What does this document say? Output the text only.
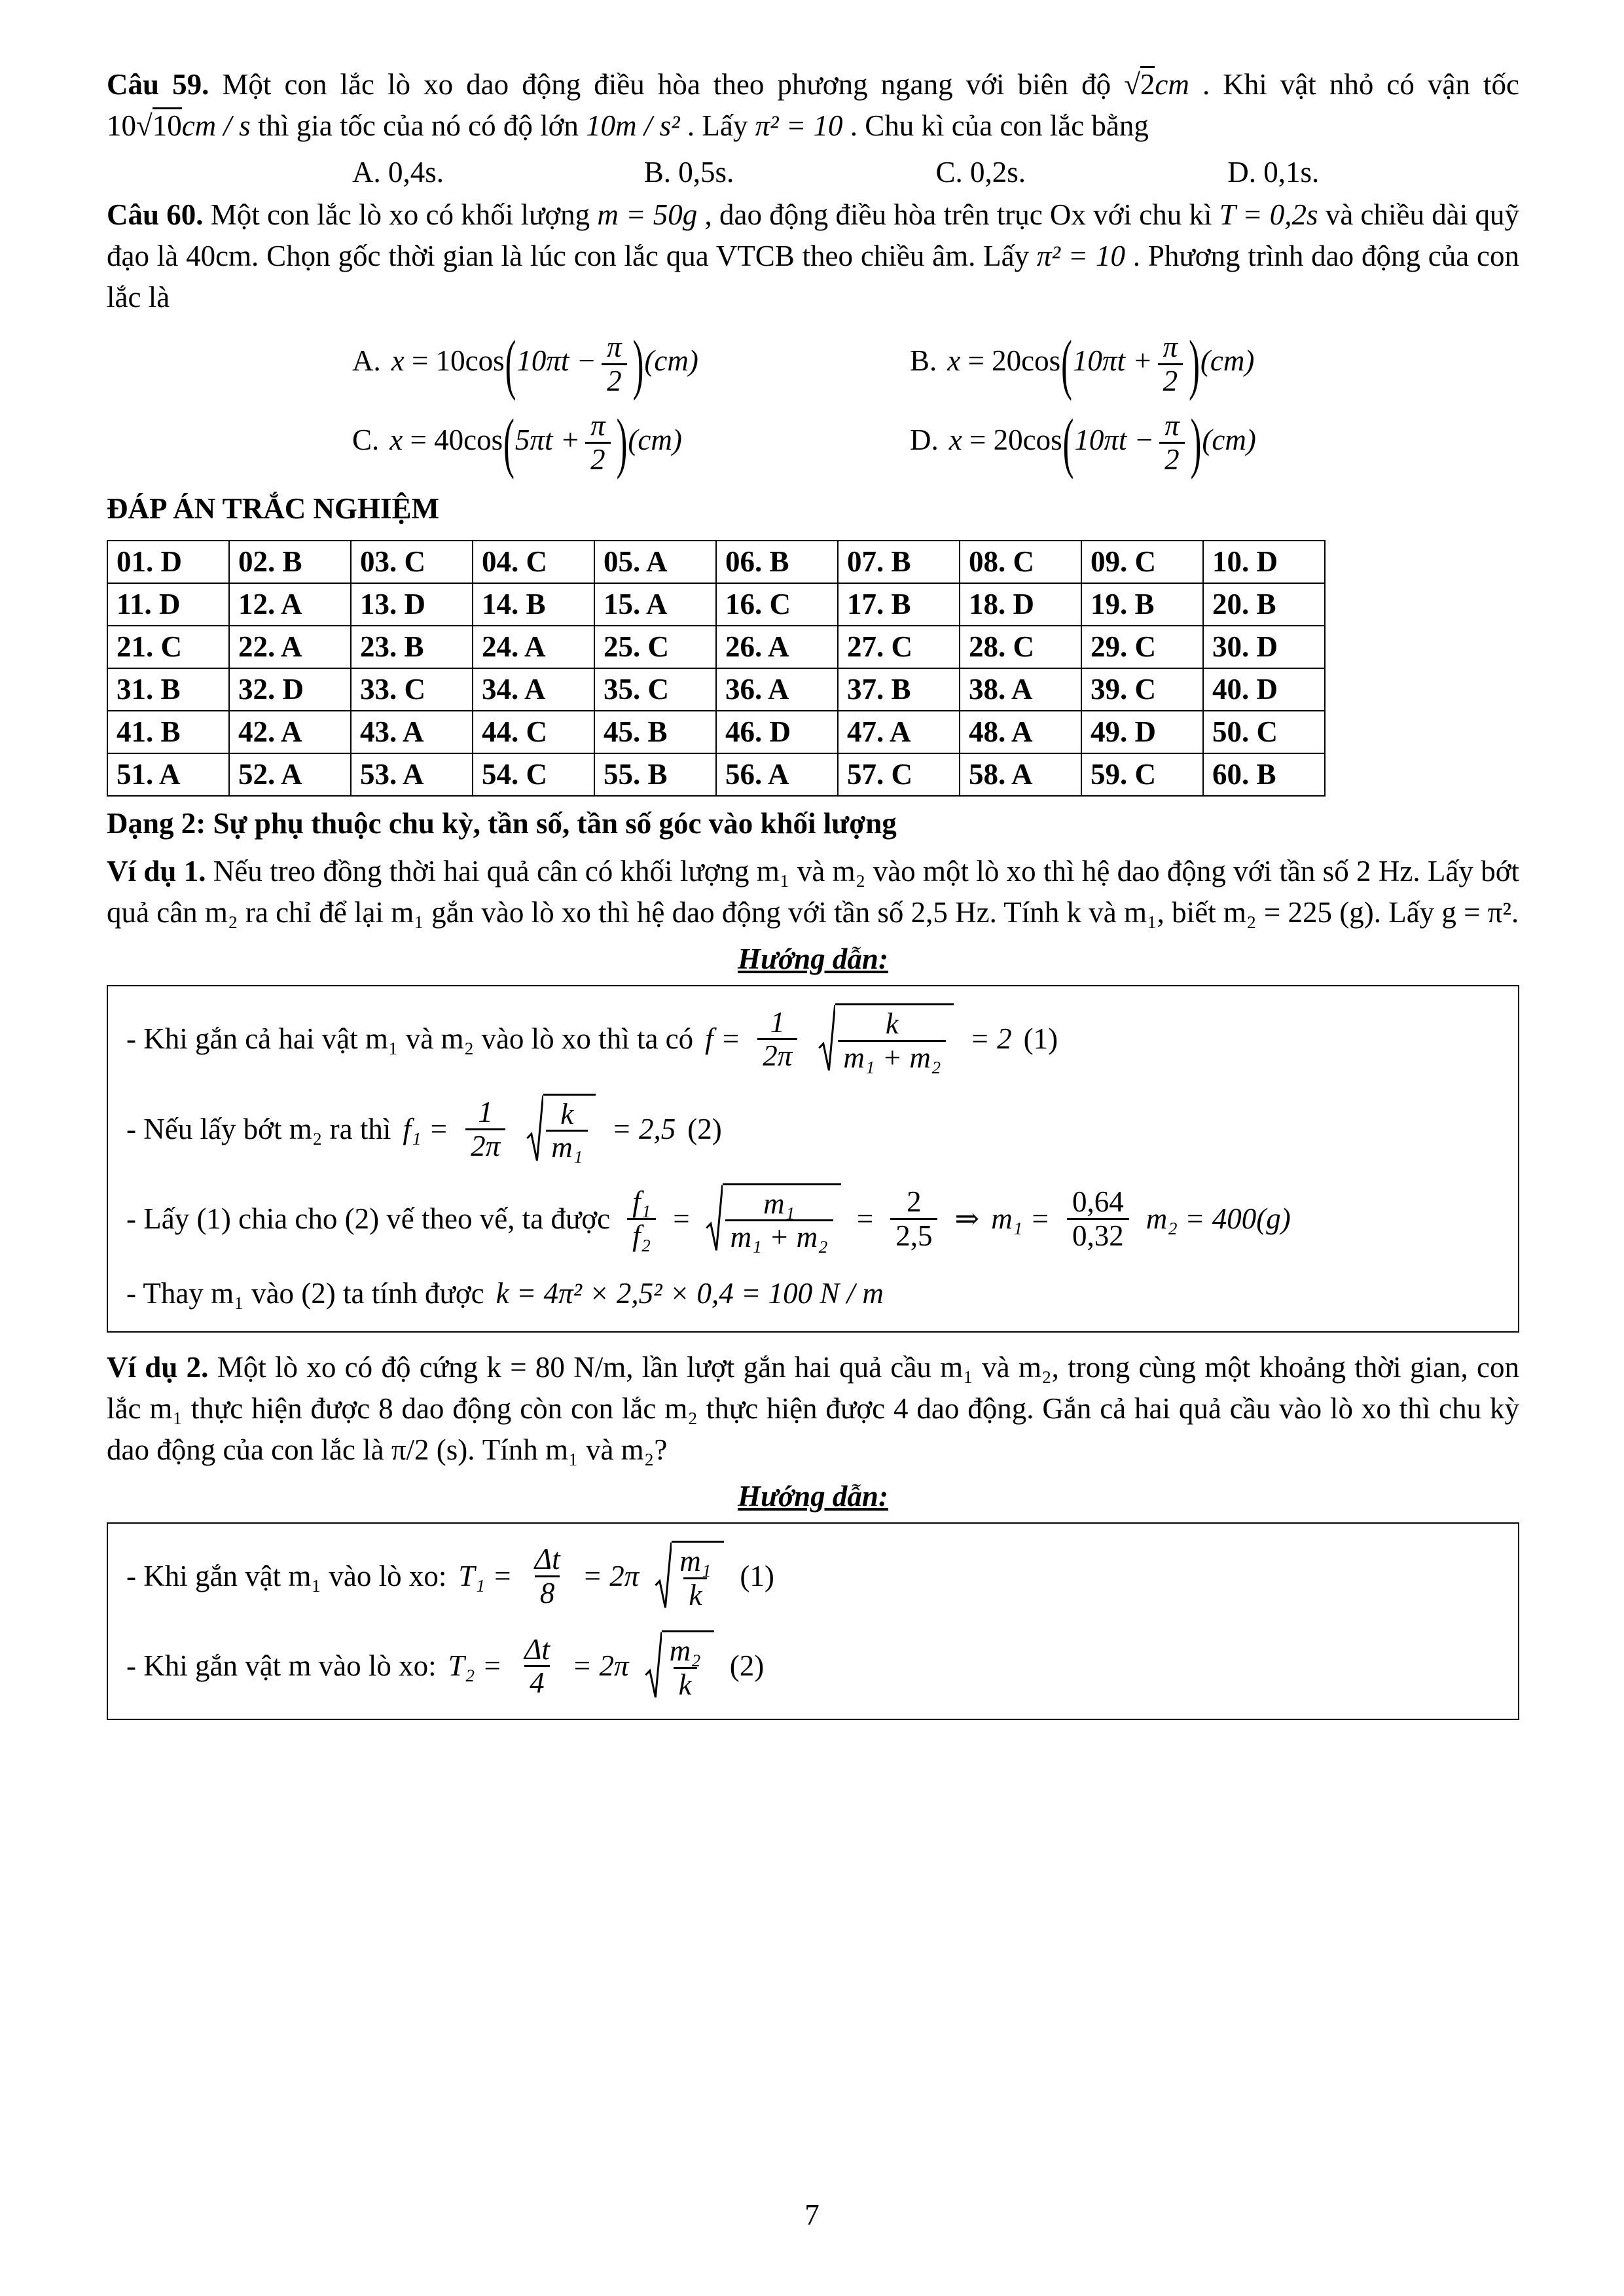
Câu 59. Một con lắc lò xo dao động điều hòa theo phương ngang với biên độ √2cm . Khi vật nhỏ có vận tốc 10√10cm / s thì gia tốc của nó có độ lớn 10m / s² . Lấy π² = 10 . Chu kì của con lắc bằng

A. 0,4s.	B. 0,5s.	C. 0,2s.	D. 0,1s.

Câu 60. Một con lắc lò xo có khối lượng m = 50g , dao động điều hòa trên trục Ox với chu kì T = 0,2s và chiều dài quỹ đạo là 40cm. Chọn gốc thời gian là lúc con lắc qua VTCB theo chiều âm. Lấy π² = 10 . Phương trình dao động của con lắc là

A. $x = 10\cos(10\pi t - \frac{\pi}{2} )(cm)$	B. $x = 20\cos(10\pi t + \frac{\pi}{2} )(cm)$
C. $x = 40\cos(5\pi t + \frac{\pi}{2} )(cm)$	D. $x = 20\cos(10\pi t - \frac{\pi}{2} )(cm)$

ĐÁP ÁN TRẮC NGHIỆM

01. D	02. B	03. C	04. C	05. A	06. B	07. B	08. C	09. C	10. D
11. D	12. A	13. D	14. B	15. A	16. C	17. B	18. D	19. B	20. B
21. C	22. A	23. B	24. A	25. C	26. A	27. C	28. C	29. C	30. D
31. B	32. D	33. C	34. A	35. C	36. A	37. B	38. A	39. C	40. D
41. B	42. A	43. A	44. C	45. B	46. D	47. A	48. A	49. D	50. C
51. A	52. A	53. A	54. C	55. B	56. A	57. C	58. A	59. C	60. B

Dạng 2: Sự phụ thuộc chu kỳ, tần số, tần số góc vào khối lượng

Ví dụ 1. Nếu treo đồng thời hai quả cân có khối lượng m₁ và m₂ vào một lò xo thì hệ dao động với tần số 2 Hz. Lấy bớt quả cân m₂ ra chỉ để lại m₁ gắn vào lò xo thì hệ dao động với tần số 2,5 Hz. Tính k và m₁, biết m₂ = 225 (g). Lấy g = π².

Hướng dẫn:

- Khi gắn cả hai vật m₁ và m₂ vào lò xo thì ta có $f = \frac{1}{2\pi} \frac{k}{\text{m₁ + m₂}} = 2$ (1)
- Nếu lấy bớt m₂ ra thì $f_1 = \frac{1}{2\pi} \frac{k}{\text{m₁}} = 2,5$ (2)
- Lấy (1) chia cho (2) vế theo vế, ta được $\frac{\text{f₁}}{\text{f₂}} = \frac{\text{m₁}}{\text{m₁ + m₂}} = \frac{2}{2,5}$ ⇒ $m_1 = \frac{0,64}{0,32} m_2 = 400(g)$
- Thay m₁ vào (2) ta tính được k = 4π² × 2,5² × 0,4 = 100 N / m

Ví dụ 2. Một lò xo có độ cứng k = 80 N/m, lần lượt gắn hai quả cầu m₁ và m₂, trong cùng một khoảng thời gian, con lắc m₁ thực hiện được 8 dao động còn con lắc m₂ thực hiện được 4 dao động. Gắn cả hai quả cầu vào lò xo thì chu kỳ dao động của con lắc là π/2 (s). Tính m₁ và m₂?

Hướng dẫn:

- Khi gắn vật m₁ vào lò xo: $T_1 = \frac{\Delta t}{8} = 2\pi \frac{\text{m₁}}{k} (1)$
- Khi gắn vật m vào lò xo: $T_2 = \frac{\Delta t}{4} = 2\pi \frac{\text{m₂}}{k} (2)$
7
